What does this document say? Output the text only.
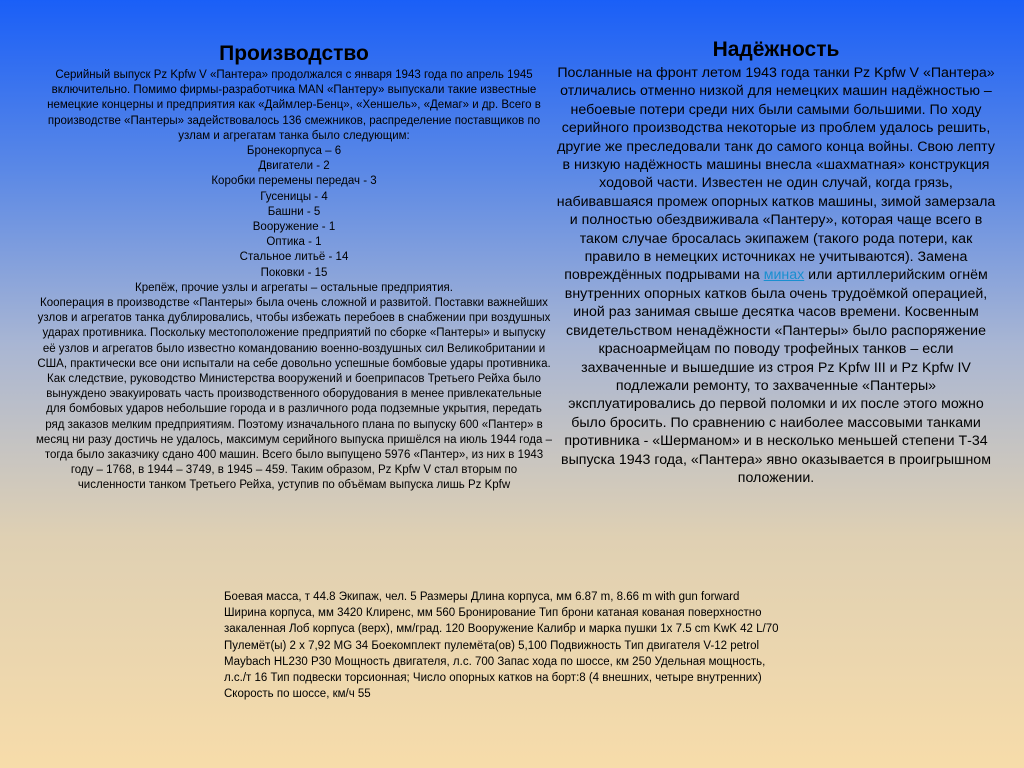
Производство
Серийный выпуск Pz Kpfw V «Пантера» продолжался с января 1943 года по апрель 1945 включительно. Помимо фирмы-разработчика MAN «Пантеру» выпускали такие известные немецкие концерны и предприятия как «Даймлер-Бенц», «Хеншель», «Демаг» и др. Всего в производстве «Пантеры» задействовалось 136 смежников, распределение поставщиков по узлам и агрегатам танка было следующим:
Бронекорпуса – 6
Двигатели - 2
Коробки перемены передач - 3
Гусеницы - 4
Башни - 5
Вооружение - 1
Оптика - 1
Стальное литьё - 14
Поковки - 15
Крепёж, прочие узлы и агрегаты – остальные предприятия.
Кооперация в производстве «Пантеры» была очень сложной и развитой. Поставки важнейших узлов и агрегатов танка дублировались, чтобы избежать перебоев в снабжении при воздушных ударах противника. Поскольку местоположение предприятий по сборке «Пантеры» и выпуску её узлов и агрегатов было известно командованию военно-воздушных сил Великобритании и США, практически все они испытали на себе довольно успешные бомбовые удары противника. Как следствие, руководство Министерства вооружений и боеприпасов Третьего Рейха было вынуждено эвакуировать часть производственного оборудования в менее привлекательные для бомбовых ударов небольшие города и в различного рода подземные укрытия, передать ряд заказов мелким предприятиям. Поэтому изначального плана по выпуску 600 «Пантер» в месяц ни разу достичь не удалось, максимум серийного выпуска пришёлся на июль 1944 года – тогда было заказчику сдано 400 машин. Всего было выпущено 5976 «Пантер», из них в 1943 году – 1768, в 1944 – 3749, в 1945 – 459. Таким образом, Pz Kpfw V стал вторым по численности танком Третьего Рейха, уступив по объёмам выпуска лишь Pz Kpfw
Надёжность
Посланные на фронт летом 1943 года танки Pz Kpfw V «Пантера» отличались отменно низкой для немецких машин надёжностью – небоевые потери среди них были самыми большими. По ходу серийного производства некоторые из проблем удалось решить, другие же преследовали танк до самого конца войны. Свою лепту в низкую надёжность машины внесла «шахматная» конструкция ходовой части. Известен не один случай, когда грязь, набивавшаяся промеж опорных катков машины, зимой замерзала и полностью обездвиживала «Пантеру», которая чаще всего в таком случае бросалась экипажем (такого рода потери, как правило в немецких источниках не учитываются). Замена повреждённых подрывами на минах или артиллерийским огнём внутренних опорных катков была очень трудоёмкой операцией, иной раз занимая свыше десятка часов времени. Косвенным свидетельством ненадёжности «Пантеры» было распоряжение красноармейцам по поводу трофейных танков – если захваченные и вышедшие из строя Pz Kpfw III и Pz Kpfw IV подлежали ремонту, то захваченные «Пантеры» эксплуатировались до первой поломки и их после этого можно было бросить. По сравнению с наиболее массовыми танками противника - «Шерманом» и в несколько меньшей степени Т-34 выпуска 1943 года, «Пантера» явно оказывается в проигрышном положении.
Боевая масса, т 44.8 Экипаж, чел. 5 Размеры Длина корпуса, мм 6.87 m, 8.66 m with gun forward Ширина корпуса, мм 3420 Клиренс, мм 560 Бронирование Тип брони катаная кованая поверхностно закаленная Лоб корпуса (верх), мм/град. 120 Вооружение Калибр и марка пушки 1x 7.5 cm KwK 42 L/70 Пулемёт(ы) 2 x 7,92 MG 34 Боекомплект пулемёта(ов) 5,100 Подвижность Тип двигателя V-12 petrol Maybach HL230 P30 Мощность двигателя, л.с. 700 Запас хода по шоссе, км 250 Удельная мощность, л.с./т 16 Тип подвески торсионная; Число опорных катков на борт:8 (4 внешних, четыре внутренних) Скорость по шоссе, км/ч 55
